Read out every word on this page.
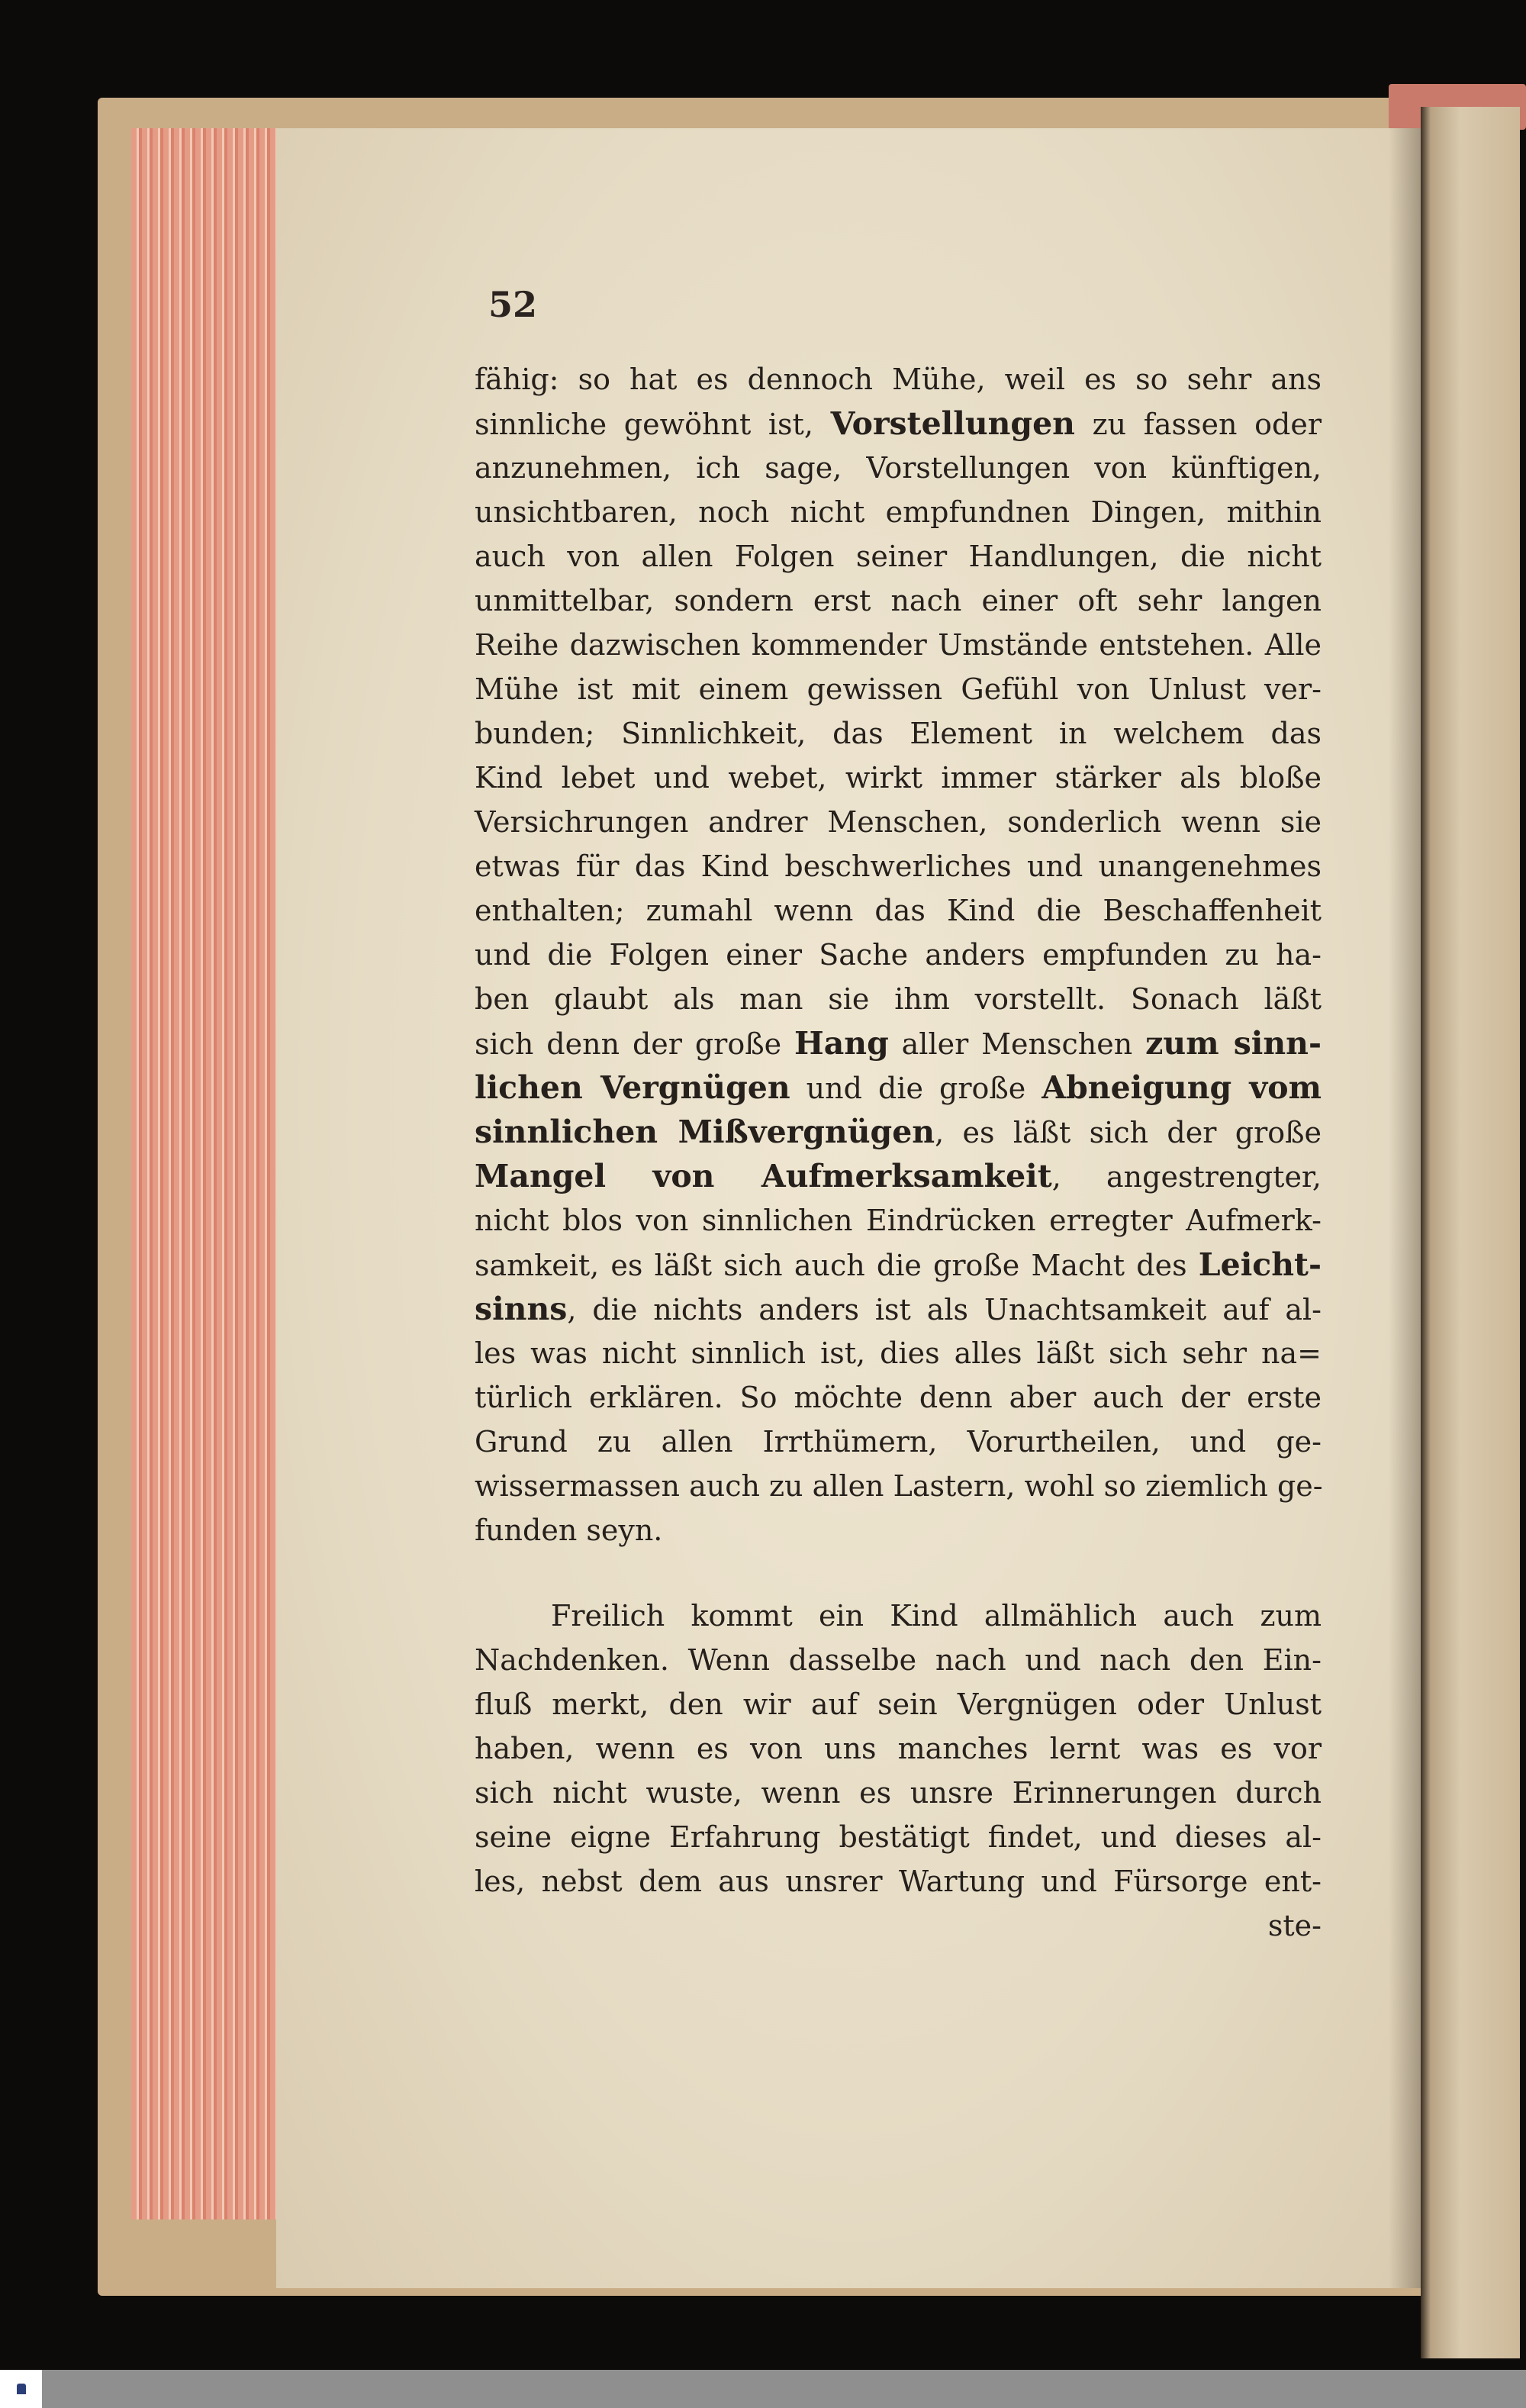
52
fähig: so hat es dennoch Mühe, weil es so sehr ans
sinnliche gewöhnt ist, Vorstellungen zu fassen oder
anzunehmen, ich sage, Vorstellungen von künftigen,
unsichtbaren, noch nicht empfundnen Dingen, mithin
auch von allen Folgen seiner Handlungen, die nicht
unmittelbar, sondern erst nach einer oft sehr langen
Reihe dazwischen kommender Umstände entstehen. Alle
Mühe ist mit einem gewissen Gefühl von Unlust ver-
bunden; Sinnlichkeit, das Element in welchem das
Kind lebet und webet, wirkt immer stärker als bloße
Versichrungen andrer Menschen, sonderlich wenn sie
etwas für das Kind beschwerliches und unangenehmes
enthalten; zumahl wenn das Kind die Beschaffenheit
und die Folgen einer Sache anders empfunden zu ha-
ben glaubt als man sie ihm vorstellt. Sonach läßt
sich denn der große Hang aller Menschen zum sinn-
lichen Vergnügen und die große Abneigung vom
sinnlichen Mißvergnügen, es läßt sich der große
Mangel von Aufmerksamkeit, angestrengter,
nicht blos von sinnlichen Eindrücken erregter Aufmerk-
samkeit, es läßt sich auch die große Macht des Leicht-
sinns, die nichts anders ist als Unachtsamkeit auf al-
les was nicht sinnlich ist, dies alles läßt sich sehr na=
türlich erklären. So möchte denn aber auch der erste
Grund zu allen Irrthümern, Vorurtheilen, und ge-
wissermassen auch zu allen Lastern, wohl so ziemlich ge-
funden seyn.
Freilich kommt ein Kind allmählich auch zum
Nachdenken. Wenn dasselbe nach und nach den Ein-
fluß merkt, den wir auf sein Vergnügen oder Unlust
haben, wenn es von uns manches lernt was es vor
sich nicht wuste, wenn es unsre Erinnerungen durch
seine eigne Erfahrung bestätigt findet, und dieses al-
les, nebst dem aus unsrer Wartung und Fürsorge ent-
ste-
